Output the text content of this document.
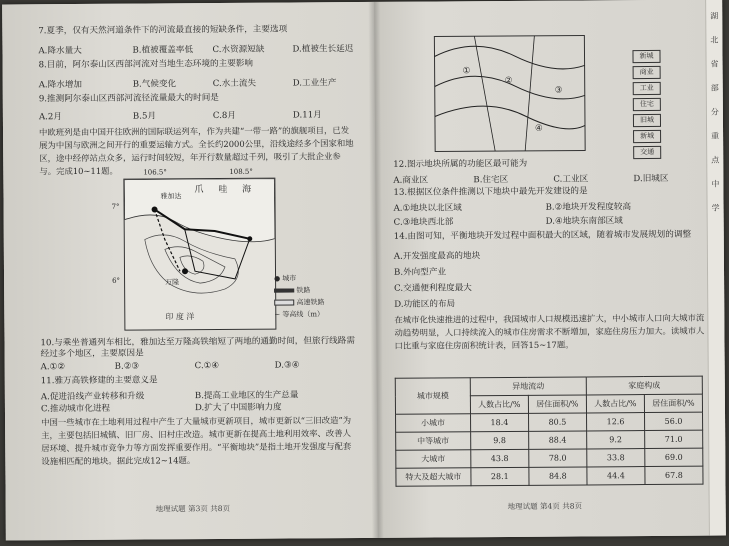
7.夏季，仅有天然河道条件下的河流最直接的短缺条件，主要选项
A.降水量大	B.植被覆盖率低 C.水资源短缺	D.植被生长延迟
8.目前，阿尔泰山区西部河流对当地生态环境的主要影响
A.降水增加	B.气候变化	C.水土流失	D.工业生产
9.推测阿尔泰山区西部河流径流量最大的时间是
A.2月	B.5月	C.8月	D.11月
中欧班列是由中国开往欧洲的国际联运列车，作为共建“一带一路”的旗舰项目，已发展为中国与欧洲之间开行的重要运输方式。全长约2000公里，沿线途经多个国家和地区，途中经停站点众多，运行时间较短，年开行数量超过千列，吸引了大批企业参与。完成10~11题。	106.5°	108.5°
雅加达
爪 哇 海
万隆
印 度 洋
7°
6°	● 城市
铁路
高速铁路
~ 等高线（m）
10.与乘坐普通列车相比，雅加达至万隆高铁缩短了两地的通勤时间，但旅行线路需经过多个地区，主要原因是
A.①②	B.②③	C.①④	D.③④
11.雅万高铁修建的主要意义是
A.促进沿线产业转移和升级	B.提高工业地区的生产总量
C.推动城市化进程	D.扩大了中国影响力度
中国一些城市在土地利用过程中产生了大量城市更新项目，城市更新以“三旧改造”为主，主要包括旧城镇、旧厂房、旧村庄改造。城市更新在提高土地利用效率、改善人居环境、提升城市竞争力等方面发挥重要作用。“平衡地块”是指土地开发强度与配套设施相匹配的地块。据此完成12~14题。
地理试题 第3页 共8页
①
②
③
④
新城
商业
工业
住宅
旧城
新城
交通
12.图示地块所属的功能区最可能为
A.商业区	B.住宅区	C.工业区	D.旧城区
13.根据区位条件推测以下地块中最先开发建设的是
A.①地块以北区域	B.②地块开发程度较高
C.③地块西北部	D.④地块东南部区域
14.由图可知，平衡地块开发过程中面积最大的区域，随着城市发展规划的调整
A.开发强度最高的地块
B.外向型产业
C.交通便利程度最大
D.功能区的布局
在城市化快速推进的过程中，我国城市人口规模迅速扩大，中小城市人口向大城市流动趋势明显，人口持续流入的城市住房需求不断增加，家庭住房压力加大。读城市人口比重与家庭住房面积统计表，回答15~17题。
城市规模	异地流动		家庭构成	
	人数占比/%	居住面积/%	人数占比/%	居住面积/%
小城市	18.4	80.5	12.6	56.0
中等城市	9.8	88.4	9.2	71.0
大城市	43.8	78.0	33.8	69.0
特大及超大城市	28.1	84.8	44.4	67.8
地理试题 第4页 共8页
湖
北
省
部
分
重
点
中
学
